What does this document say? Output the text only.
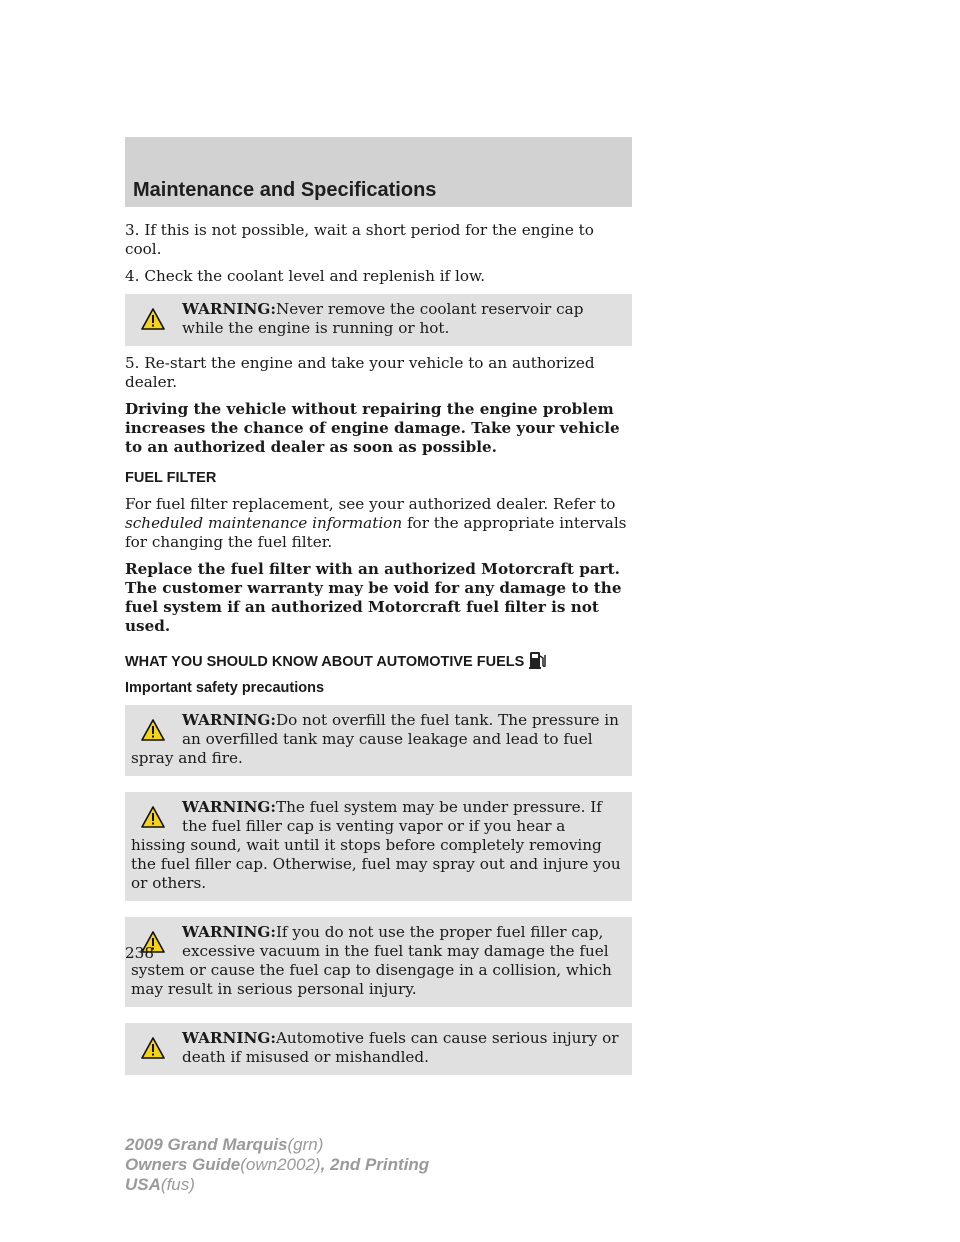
Maintenance and Specifications

3. If this is not possible, wait a short period for the engine to cool.

4. Check the coolant level and replenish if low.

WARNING:Never remove the coolant reservoir cap while the engine is running or hot.

5. Re-start the engine and take your vehicle to an authorized dealer.

Driving the vehicle without repairing the engine problem increases the chance of engine damage. Take your vehicle to an authorized dealer as soon as possible.

FUEL FILTER

For fuel filter replacement, see your authorized dealer. Refer to scheduled maintenance information for the appropriate intervals for changing the fuel filter.

Replace the fuel filter with an authorized Motorcraft part. The customer warranty may be void for any damage to the fuel system if an authorized Motorcraft fuel filter is not used.

WHAT YOU SHOULD KNOW ABOUT AUTOMOTIVE FUELS
Important safety precautions
WARNING:Do not overfill the fuel tank. The pressure in an overfilled tank may cause leakage and lead to fuel spray and fire.
WARNING:The fuel system may be under pressure. If the fuel filler cap is venting vapor or if you hear a hissing sound, wait until it stops before completely removing the fuel filler cap. Otherwise, fuel may spray out and injure you or others.
WARNING:If you do not use the proper fuel filler cap, excessive vacuum in the fuel tank may damage the fuel system or cause the fuel cap to disengage in a collision, which may result in serious personal injury.
WARNING:Automotive fuels can cause serious injury or death if misused or mishandled.
238
2009 Grand Marquis(grn)
Owners Guide(own2002), 2nd Printing
USA(fus)
